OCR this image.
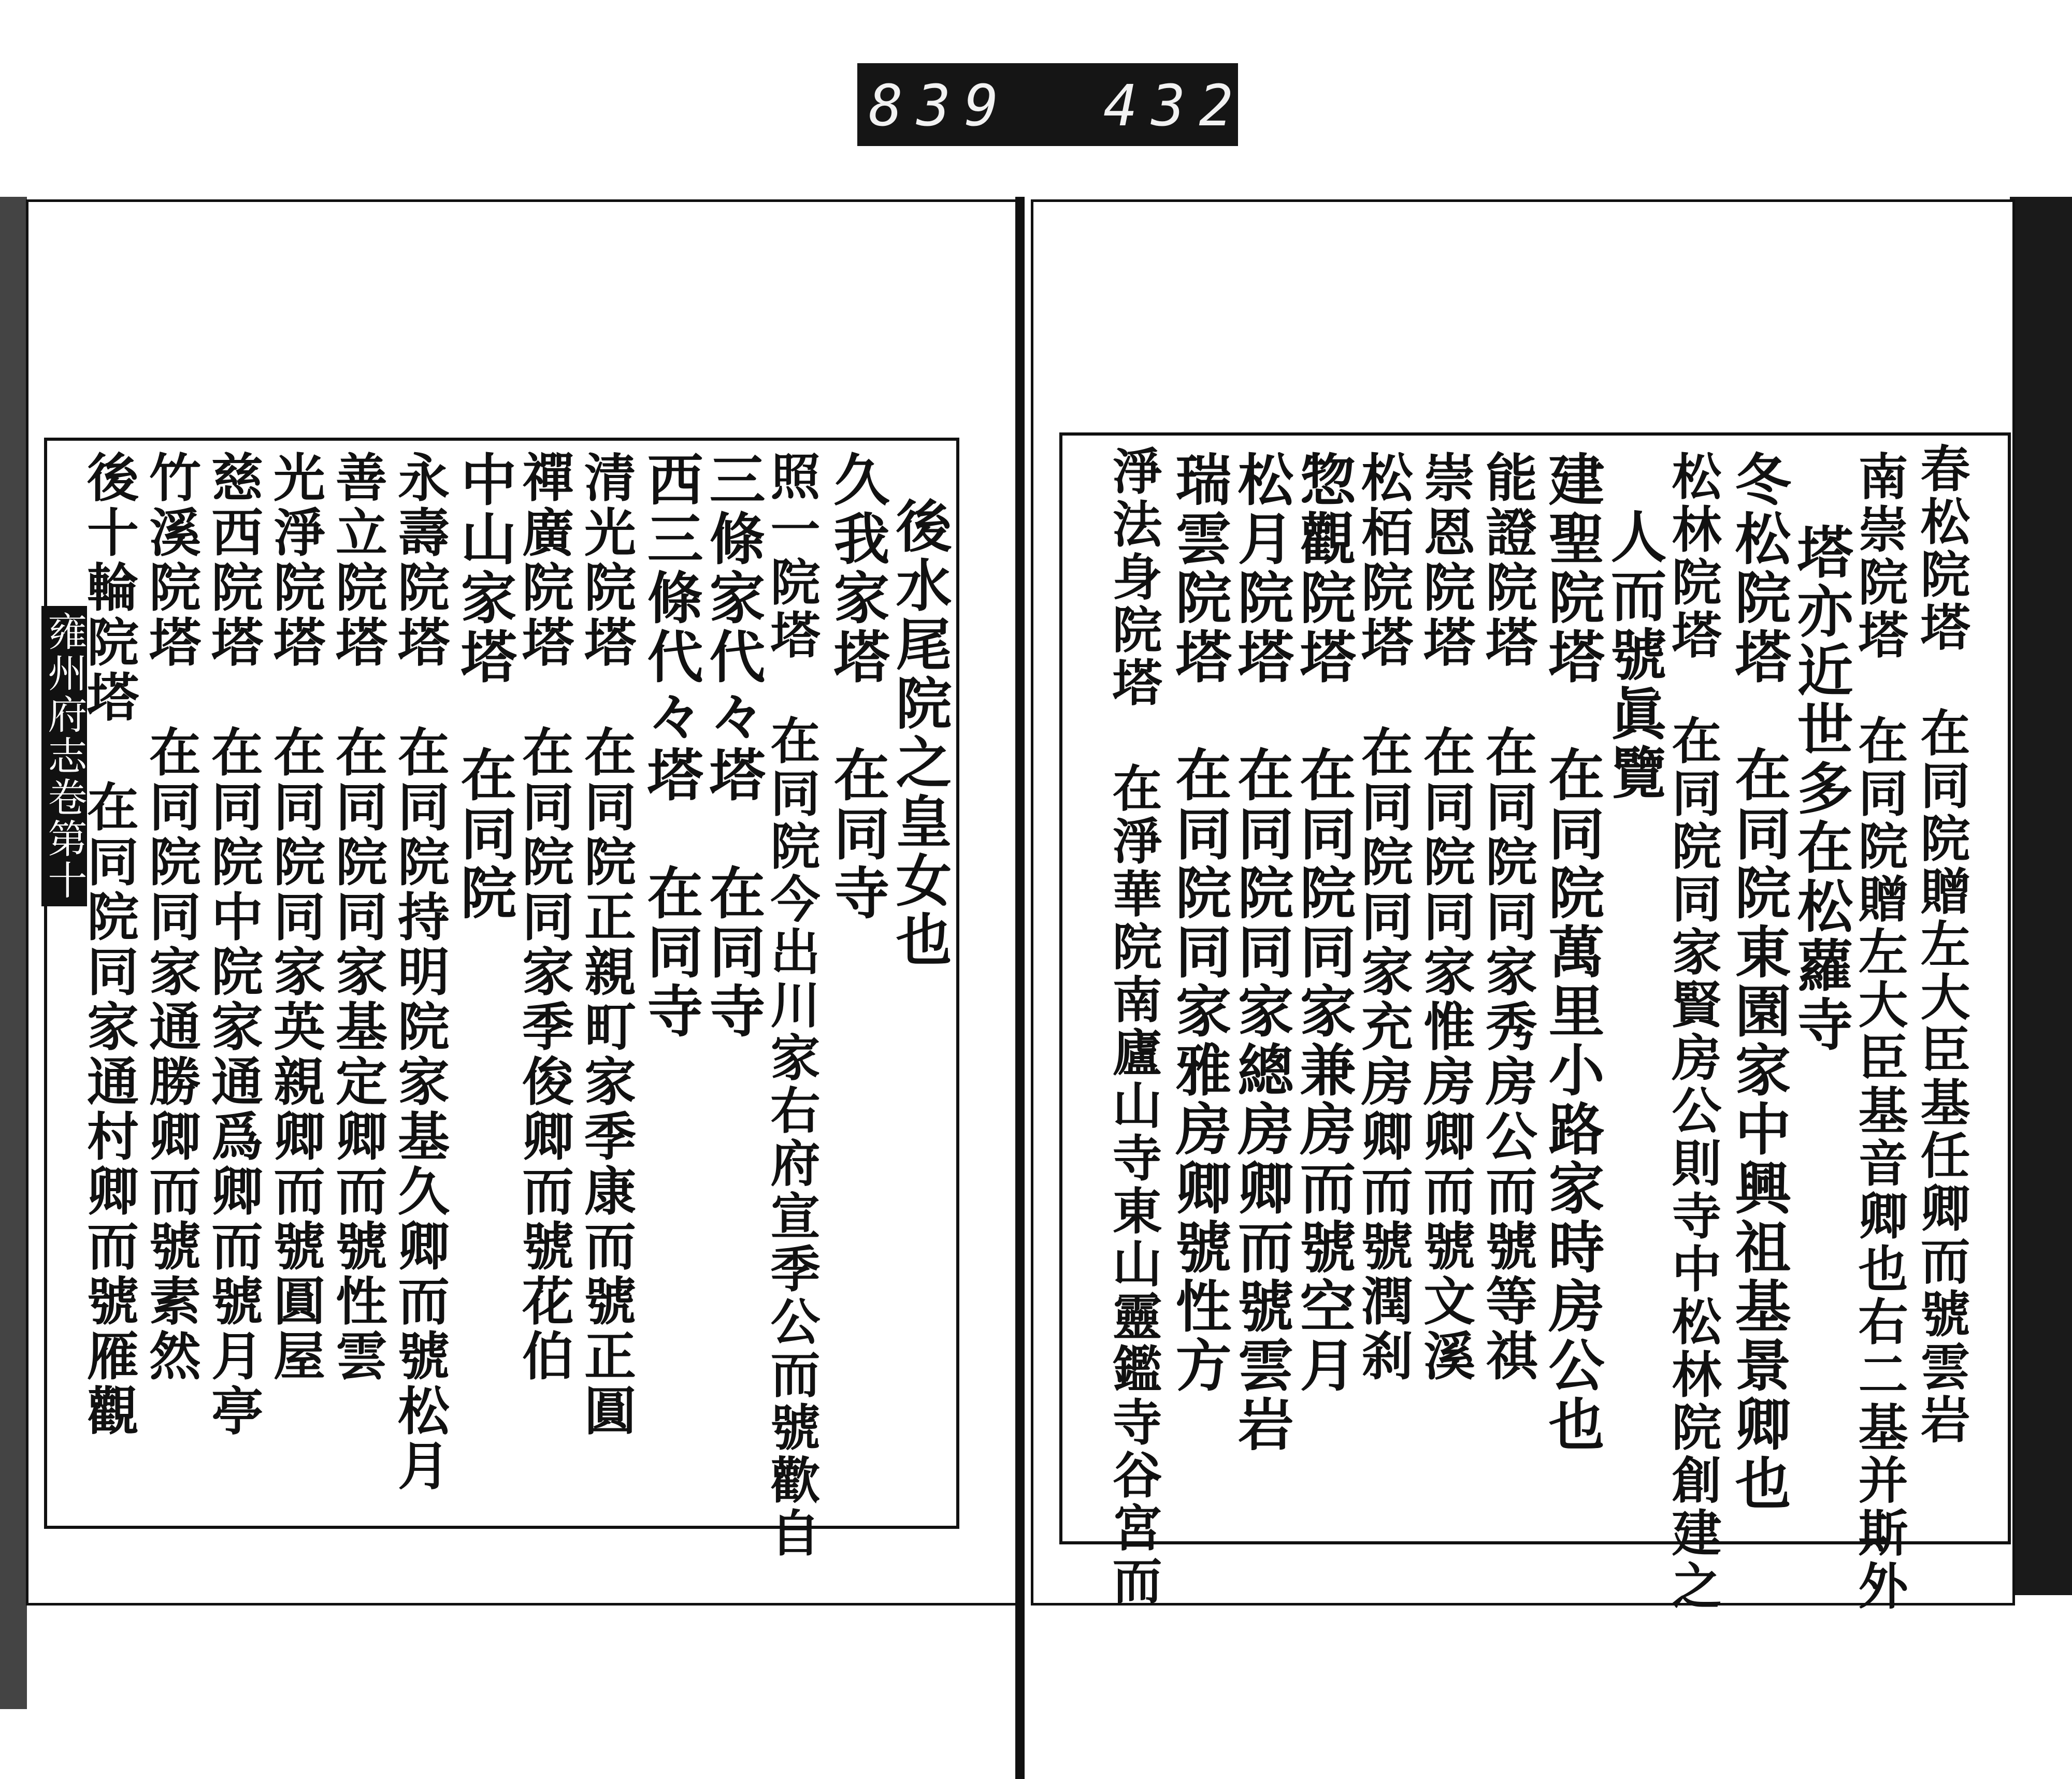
839 432
雍州府志卷第十	後水尾院之皇女也
久我家塔　在同寺
照一院塔　在同院今出川家右府宣季公而號歡自
三條家代々塔　在同寺
西三條代々塔　在同寺
清光院塔　在同院正親町家季康而號正圓
禪廣院塔　在同院同家季俊卿而號花伯
中山家塔　在同院
永壽院塔　在同院持明院家基久卿而號松月
善立院塔　在同院同家基定卿而號性雲
光淨院塔　在同院同家英親卿而號圓屋
慈西院塔　在同院中院家通爲卿而號月亭
竹溪院塔　在同院同家通勝卿而號素然
後十輪院塔　在同院同家通村卿而號雁觀	春松院塔　在同院贈左大臣基任卿而號雲岩
南崇院塔　在同院贈左大臣基音卿也右二基并斯外
塔亦近世多在松蘿寺
冬松院塔　在同院東園家中興祖基景卿也
松林院塔　在同院同家賢房公則寺中松林院創建之
人而號眞覽
建聖院塔　在同院萬里小路家時房公也
能證院塔　在同院同家秀房公而號等祺
崇恩院塔　在同院同家惟房卿而號文溪
松栢院塔　在同院同家充房卿而號潤刹
惣觀院塔　在同院同家兼房而號空月
松月院塔　在同院同家總房卿而號雲岩
瑞雲院塔　在同院同家雅房卿號性方
淨法身院塔　在淨華院南廬山寺東山靈鑑寺谷宮而
